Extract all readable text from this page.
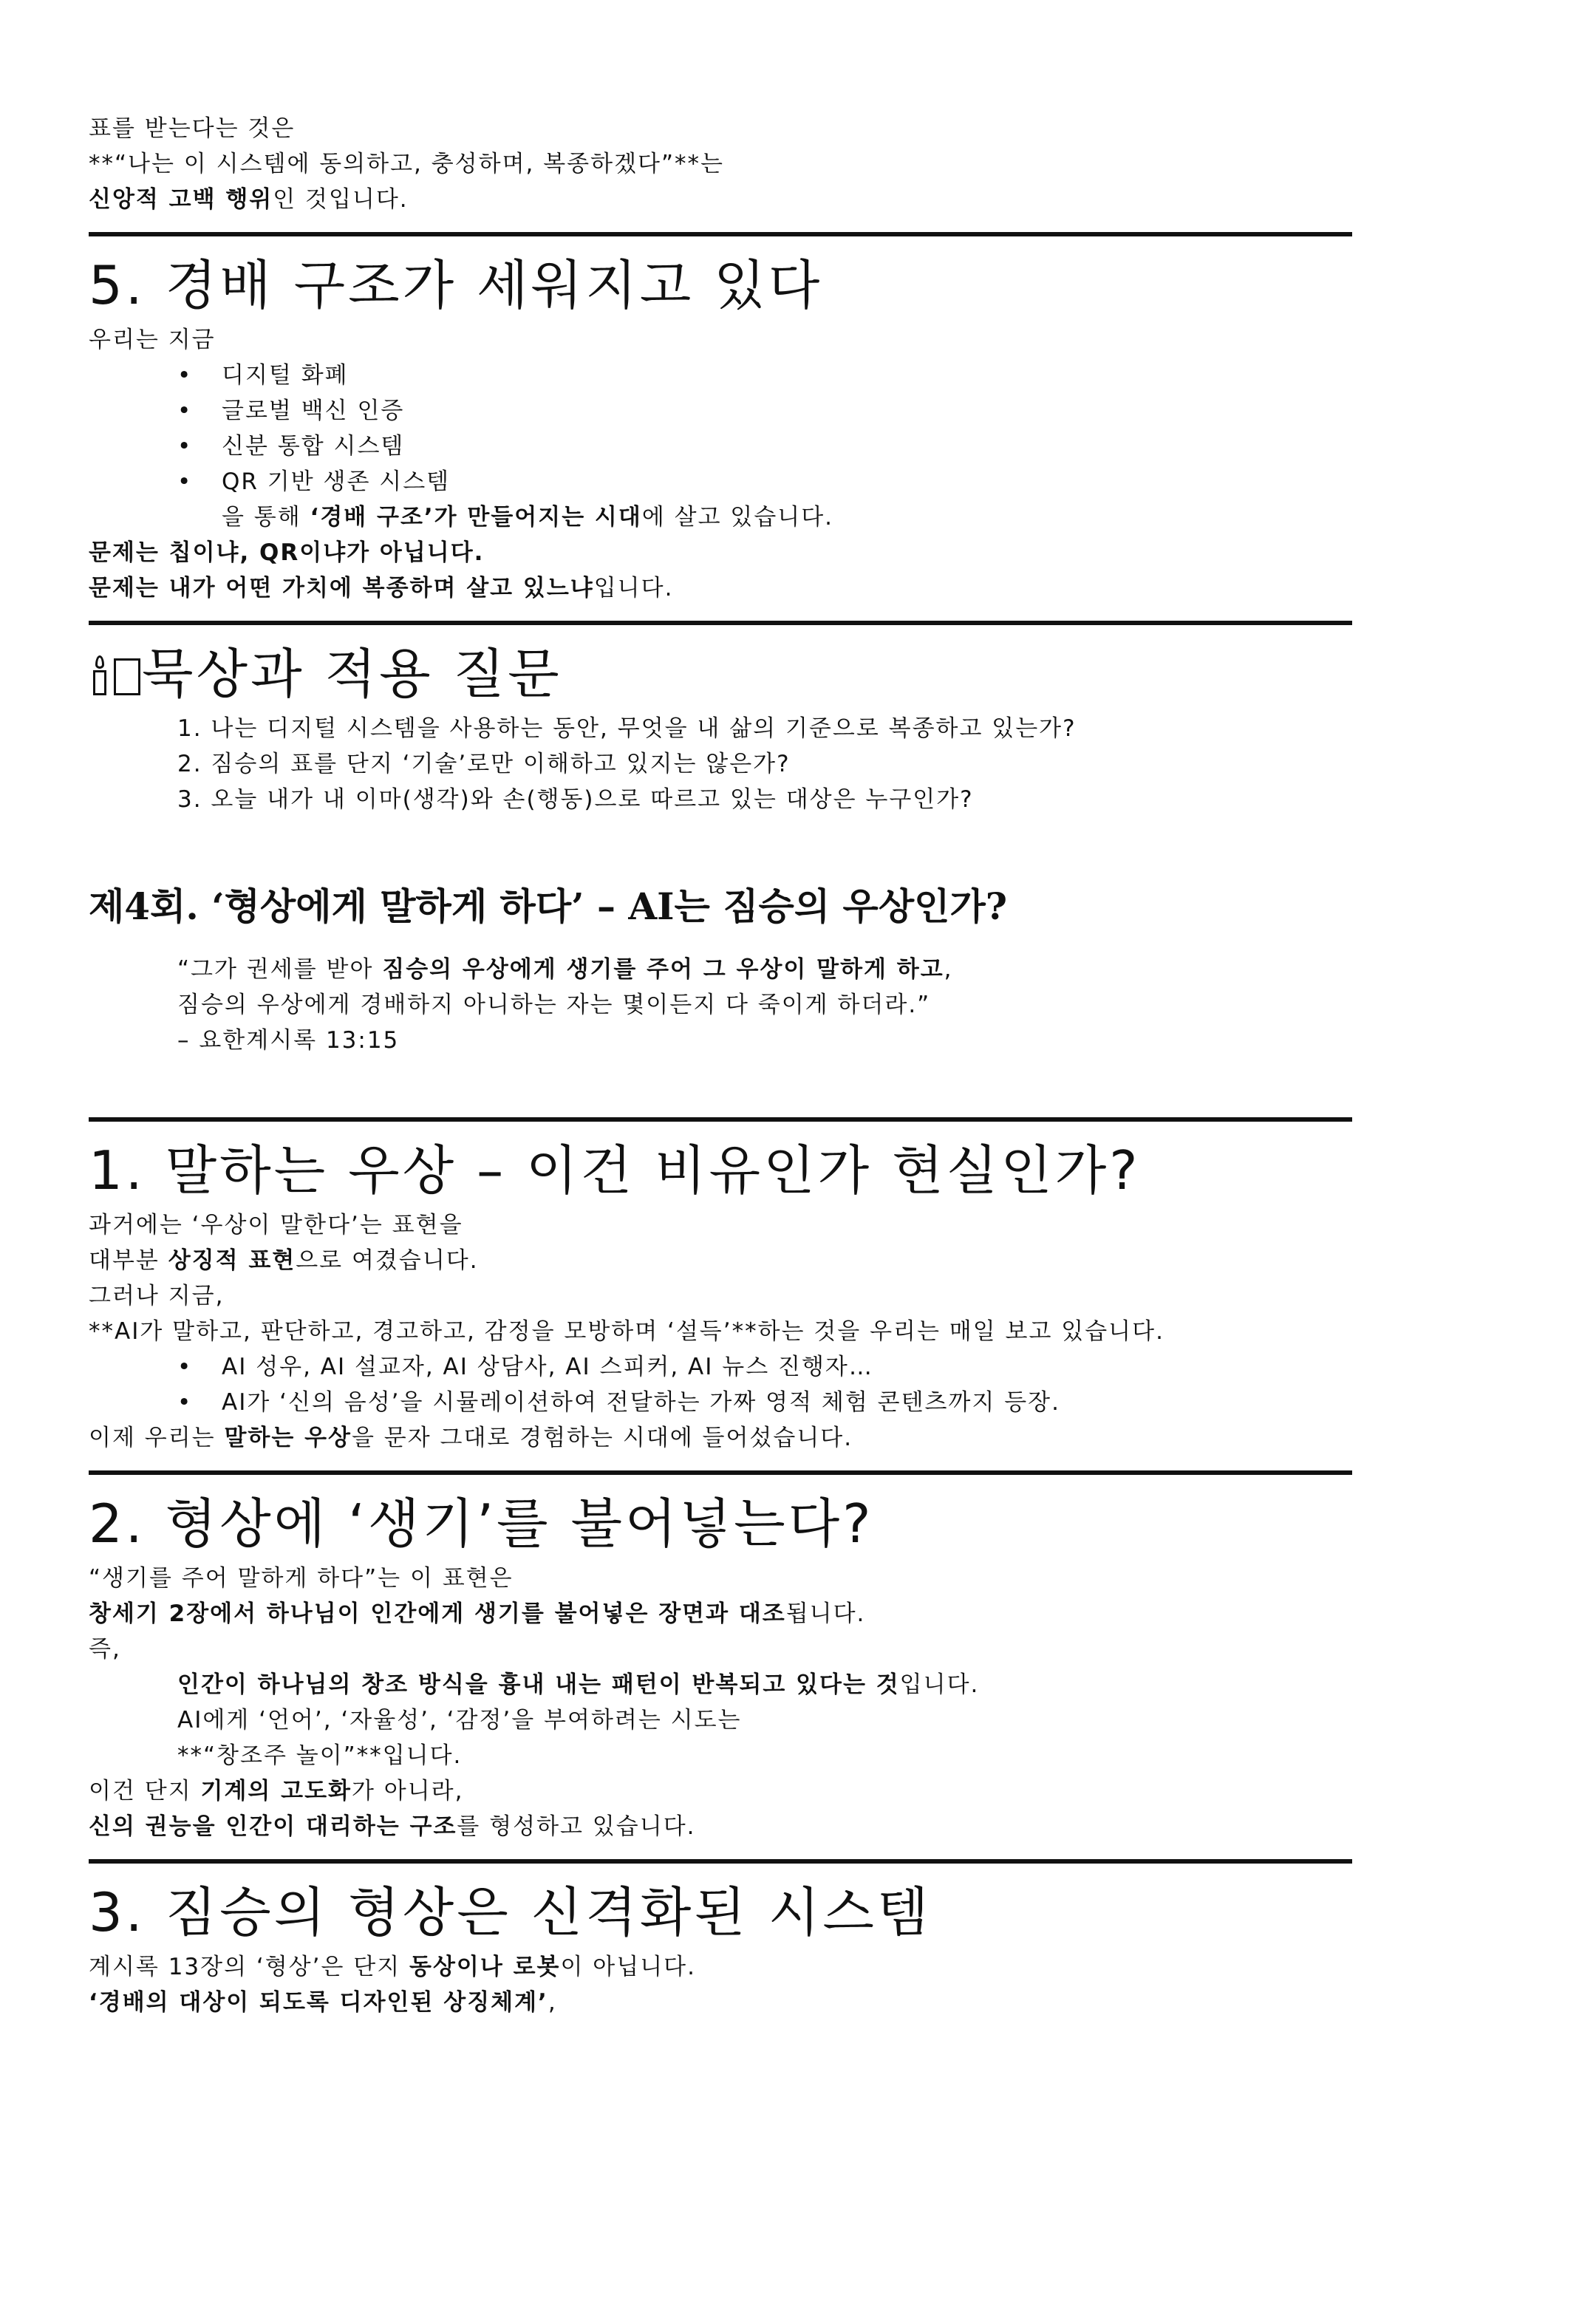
표를 받는다는 것은

**“나는 이 시스템에 동의하고, 충성하며, 복종하겠다”**는

신앙적 고백 행위인 것입니다.

5. 경배 구조가 세워지고 있다

우리는 지금

• 디지털 화폐
• 글로벌 백신 인증
• 신분 통합 시스템
• QR 기반 생존 시스템

을 통해 ‘경배 구조’가 만들어지는 시대에 살고 있습니다.

문제는 칩이냐, QR이냐가 아닙니다.

문제는 내가 어떤 가치에 복종하며 살고 있느냐입니다.

묵상과 적용 질문
1. 나는 디지털 시스템을 사용하는 동안, 무엇을 내 삶의 기준으로 복종하고 있는가?
2. 짐승의 표를 단지 ‘기술’로만 이해하고 있지는 않은가?
3. 오늘 내가 내 이마(생각)와 손(행동)으로 따르고 있는 대상은 누구인가?
제4회. ‘형상에게 말하게 하다’ – AI는 짐승의 우상인가?

“그가 권세를 받아 짐승의 우상에게 생기를 주어 그 우상이 말하게 하고,

짐승의 우상에게 경배하지 아니하는 자는 몇이든지 다 죽이게 하더라.”

– 요한계시록 13:15

1. 말하는 우상 – 이건 비유인가 현실인가?

과거에는 ‘우상이 말한다’는 표현을

대부분 상징적 표현으로 여겼습니다.

그러나 지금,

**AI가 말하고, 판단하고, 경고하고, 감정을 모방하며 ‘설득’**하는 것을 우리는 매일 보고 있습니다.

• AI 성우, AI 설교자, AI 상담사, AI 스피커, AI 뉴스 진행자…
• AI가 ‘신의 음성’을 시뮬레이션하여 전달하는 가짜 영적 체험 콘텐츠까지 등장.

이제 우리는 말하는 우상을 문자 그대로 경험하는 시대에 들어섰습니다.

2. 형상에 ‘생기’를 불어넣는다?

“생기를 주어 말하게 하다”는 이 표현은

창세기 2장에서 하나님이 인간에게 생기를 불어넣은 장면과 대조됩니다.

즉,

인간이 하나님의 창조 방식을 흉내 내는 패턴이 반복되고 있다는 것입니다.

AI에게 ‘언어’, ‘자율성’, ‘감정’을 부여하려는 시도는

**“창조주 놀이”**입니다.

이건 단지 기계의 고도화가 아니라,

신의 권능을 인간이 대리하는 구조를 형성하고 있습니다.

3. 짐승의 형상은 신격화된 시스템

계시록 13장의 ‘형상’은 단지 동상이나 로봇이 아닙니다.

‘경배의 대상이 되도록 디자인된 상징체계’,
